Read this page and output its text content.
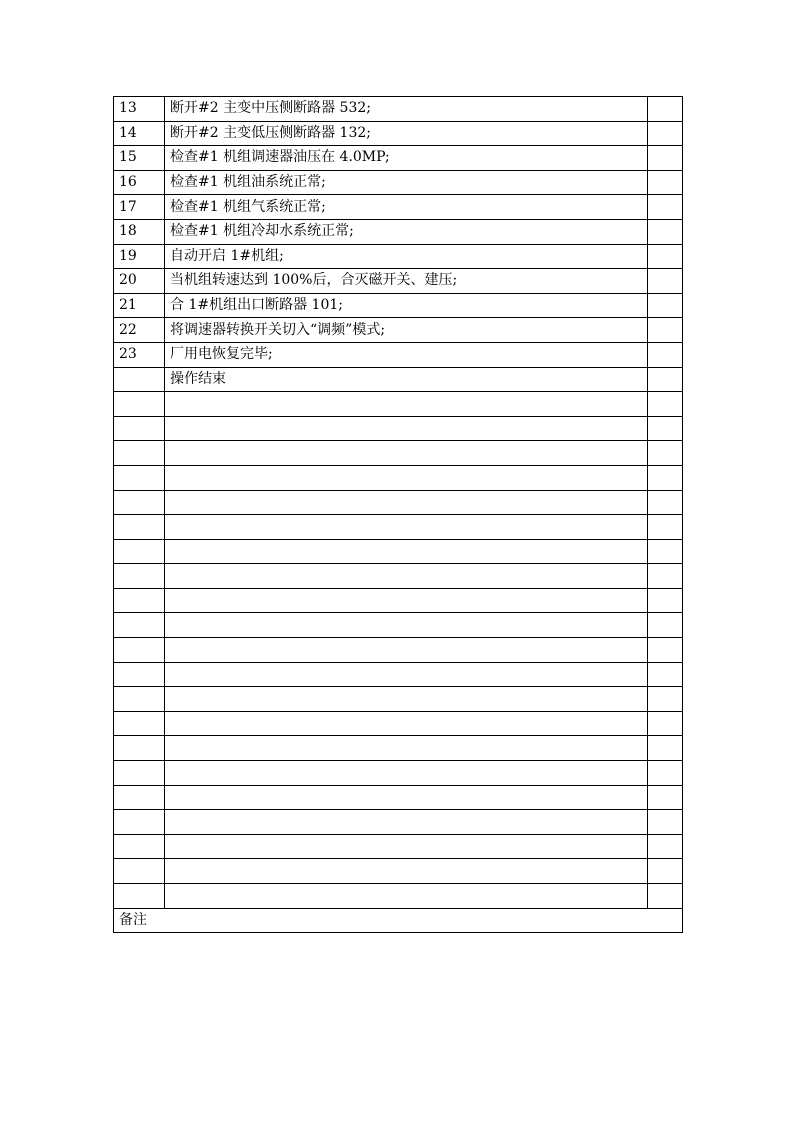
13	断开#2 主变中压侧断路器 532;	
14	断开#2 主变低压侧断路器 132;	
15	检查#1 机组调速器油压在 4.0MP;	
16	检查#1 机组油系统正常;	
17	检查#1 机组气系统正常;	
18	检查#1 机组冷却水系统正常;	
19	自动开启 1#机组;	
20	当机组转速达到 100%后，合灭磁开关、建压;	
21	合 1#机组出口断路器 101;	
22	将调速器转换开关切入“调频”模式;	
23	厂用电恢复完毕;	
	操作结束	

备注		
